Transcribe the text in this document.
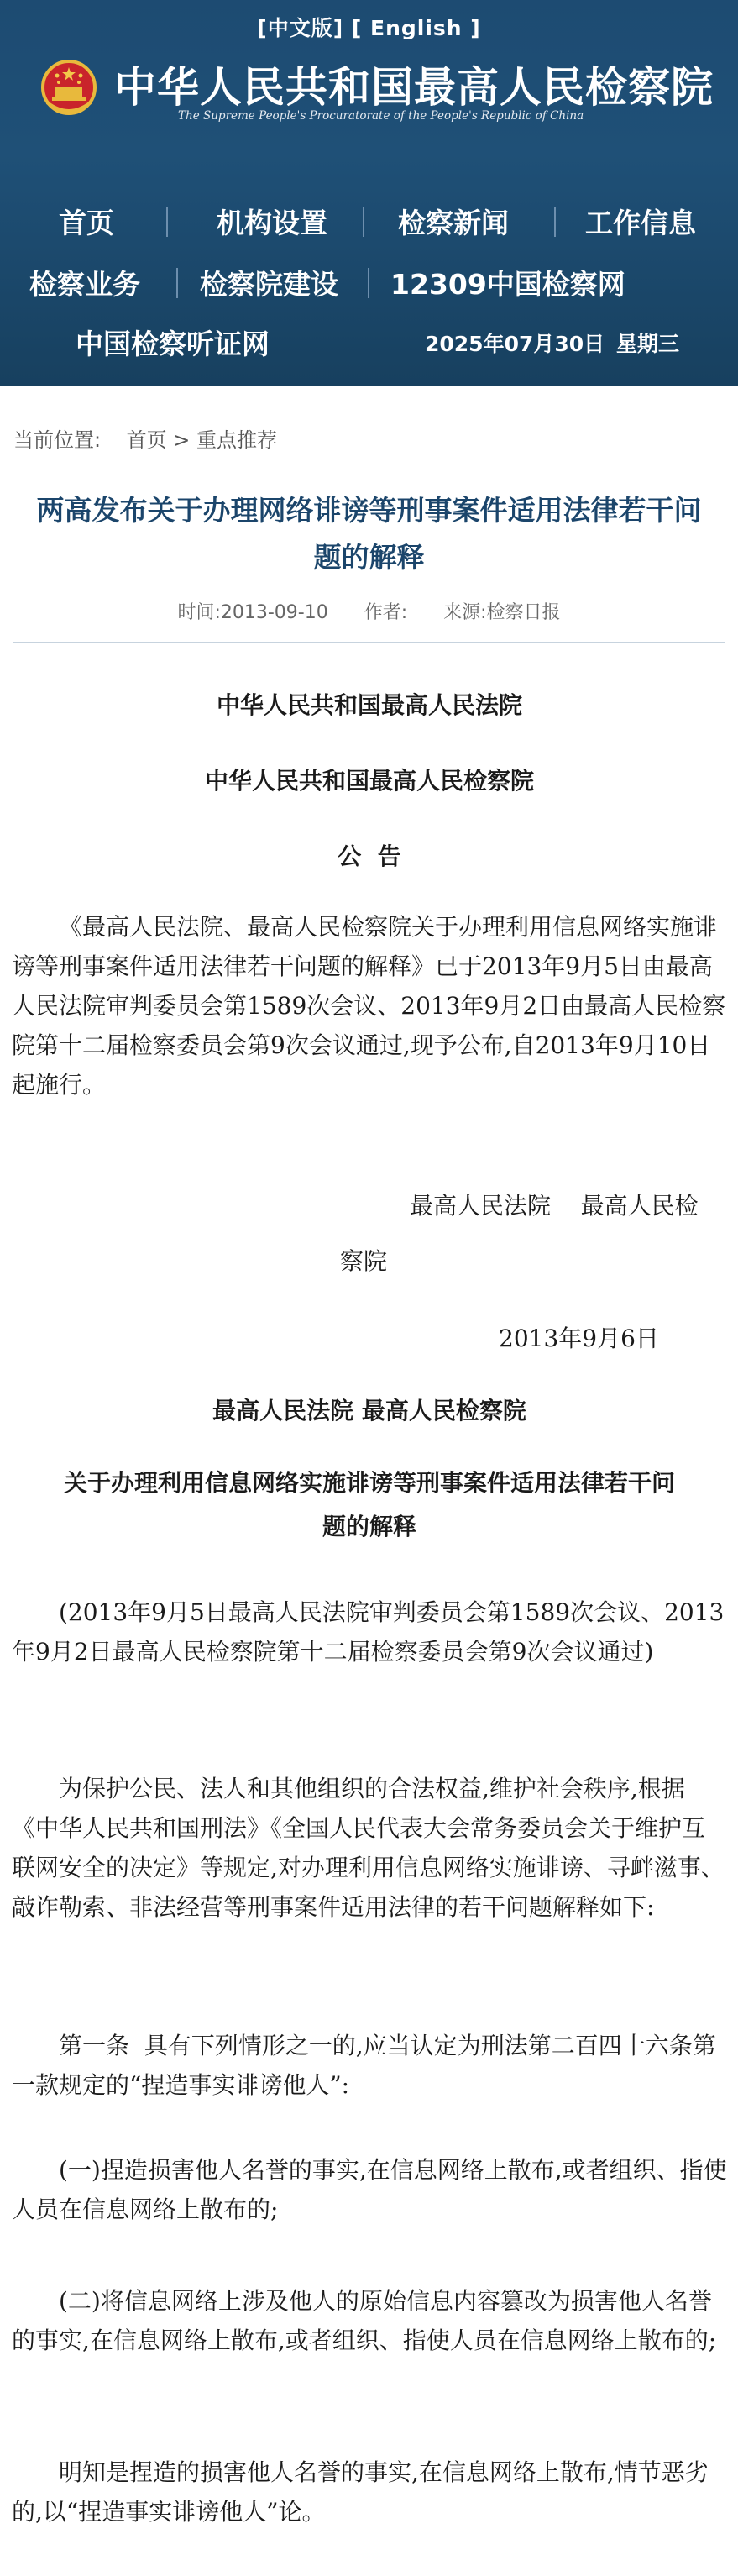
[中文版] [ English ]
中华人民共和国最高人民检察院
The Supreme People's Procuratorate of the People's Republic of China
首页	机构设置	检察新闻	工作信息
检察业务 检察院建设 12309中国检察网
中国检察听证网	2025年07月30日 星期三
当前位置: 首页 > 重点推荐
两高发布关于办理网络诽谤等刑事案件适用法律若干问题的解释
时间:2013-09-10 作者: 来源:检察日报
中华人民共和国最高人民法院
中华人民共和国最高人民检察院
公  告
《最高人民法院、最高人民检察院关于办理利用信息网络实施诽谤等刑事案件适用法律若干问题的解释》已于2013年9月5日由最高人民法院审判委员会第1589次会议、2013年9月2日由最高人民检察院第十二届检察委员会第9次会议通过,现予公布,自2013年9月10日起施行。
最高人民法院    最高人民检
察院
2013年9月6日
最高人民法院 最高人民检察院
关于办理利用信息网络实施诽谤等刑事案件适用法律若干问题的解释
(2013年9月5日最高人民法院审判委员会第1589次会议、2013年9月2日最高人民检察院第十二届检察委员会第9次会议通过)
为保护公民、法人和其他组织的合法权益,维护社会秩序,根据《中华人民共和国刑法》《全国人民代表大会常务委员会关于维护互联网安全的决定》等规定,对办理利用信息网络实施诽谤、寻衅滋事、敲诈勒索、非法经营等刑事案件适用法律的若干问题解释如下:
第一条  具有下列情形之一的,应当认定为刑法第二百四十六条第一款规定的“捏造事实诽谤他人”:
(一)捏造损害他人名誉的事实,在信息网络上散布,或者组织、指使人员在信息网络上散布的;
(二)将信息网络上涉及他人的原始信息内容篡改为损害他人名誉的事实,在信息网络上散布,或者组织、指使人员在信息网络上散布的;
明知是捏造的损害他人名誉的事实,在信息网络上散布,情节恶劣的,以“捏造事实诽谤他人”论。
